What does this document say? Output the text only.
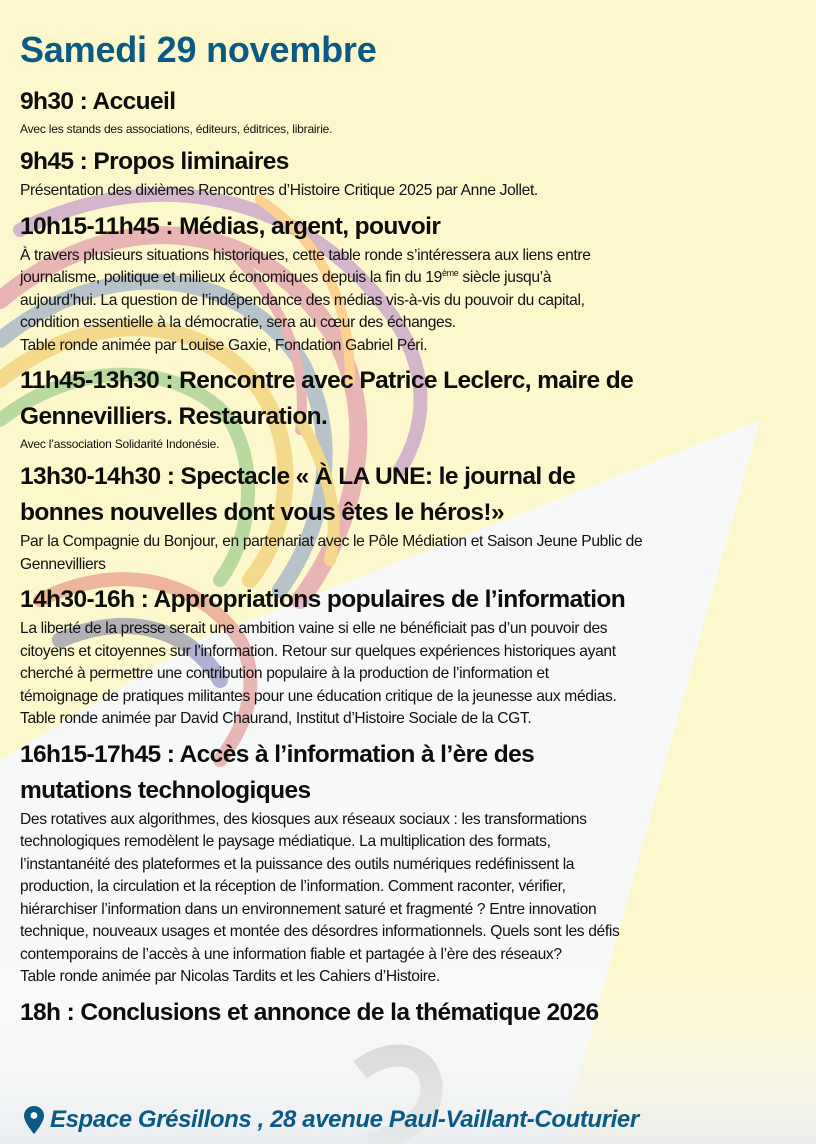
Samedi 29 novembre

9h30 : Accueil

Avec les stands des associations, éditeurs, éditrices, librairie.

9h45 : Propos liminaires

Présentation des dixièmes Rencontres d’Histoire Critique 2025 par Anne Jollet.

10h15-11h45 : Médias, argent, pouvoir

À travers plusieurs situations historiques, cette table ronde s’intéressera aux liens entre

journalisme, politique et milieux économiques depuis la fin du 19ème siècle jusqu’à

aujourd’hui. La question de l’indépendance des médias vis-à-vis du pouvoir du capital,

condition essentielle à la démocratie, sera au cœur des échanges.

Table ronde animée par Louise Gaxie, Fondation Gabriel Péri.

11h45-13h30 : Rencontre avec Patrice Leclerc, maire de

Gennevilliers. Restauration.

Avec l’association Solidarité Indonésie.

13h30-14h30 : Spectacle « À LA UNE: le journal de

bonnes nouvelles dont vous êtes le héros!»

Par la Compagnie du Bonjour, en partenariat avec le Pôle Médiation et Saison Jeune Public de

Gennevilliers

14h30-16h : Appropriations populaires de l’information

La liberté de la presse serait une ambition vaine si elle ne bénéficiait pas d’un pouvoir des

citoyens et citoyennes sur l’information. Retour sur quelques expériences historiques ayant

cherché à permettre une contribution populaire à la production de l’information et

témoignage de pratiques militantes pour une éducation critique de la jeunesse aux médias.

Table ronde animée par David Chaurand, Institut d’Histoire Sociale de la CGT.

16h15-17h45 : Accès à l’information à l’ère des

mutations technologiques

Des rotatives aux algorithmes, des kiosques aux réseaux sociaux : les transformations

technologiques remodèlent le paysage médiatique. La multiplication des formats,

l’instantanéité des plateformes et la puissance des outils numériques redéfinissent la

production, la circulation et la réception de l’information. Comment raconter, vérifier,

hiérarchiser l’information dans un environnement saturé et fragmenté ? Entre innovation

technique, nouveaux usages et montée des désordres informationnels. Quels sont les défis

contemporains de l’accès à une information fiable et partagée à l’ère des réseaux?

Table ronde animée par Nicolas Tardits et les Cahiers d’Histoire.

18h : Conclusions et annonce de la thématique 2026

Espace Grésillons , 28 avenue Paul-Vaillant-Couturier
